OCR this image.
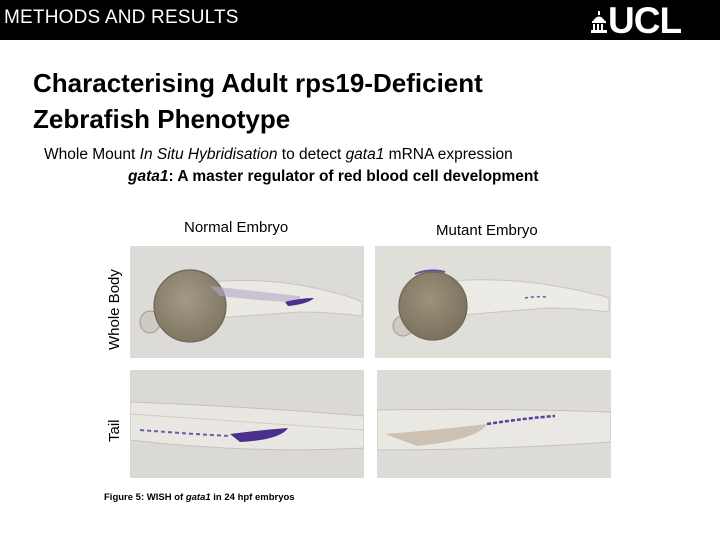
METHODS AND RESULTS	UCL
Characterising Adult rps19-Deficient
Zebrafish Phenotype
Whole Mount In Situ Hybridisation to detect gata1 mRNA expression
gata1: A master regulator of red blood cell development
Normal Embryo	Mutant Embryo
Whole Body
Tail
Figure 5: WISH of gata1 in 24 hpf embryos
